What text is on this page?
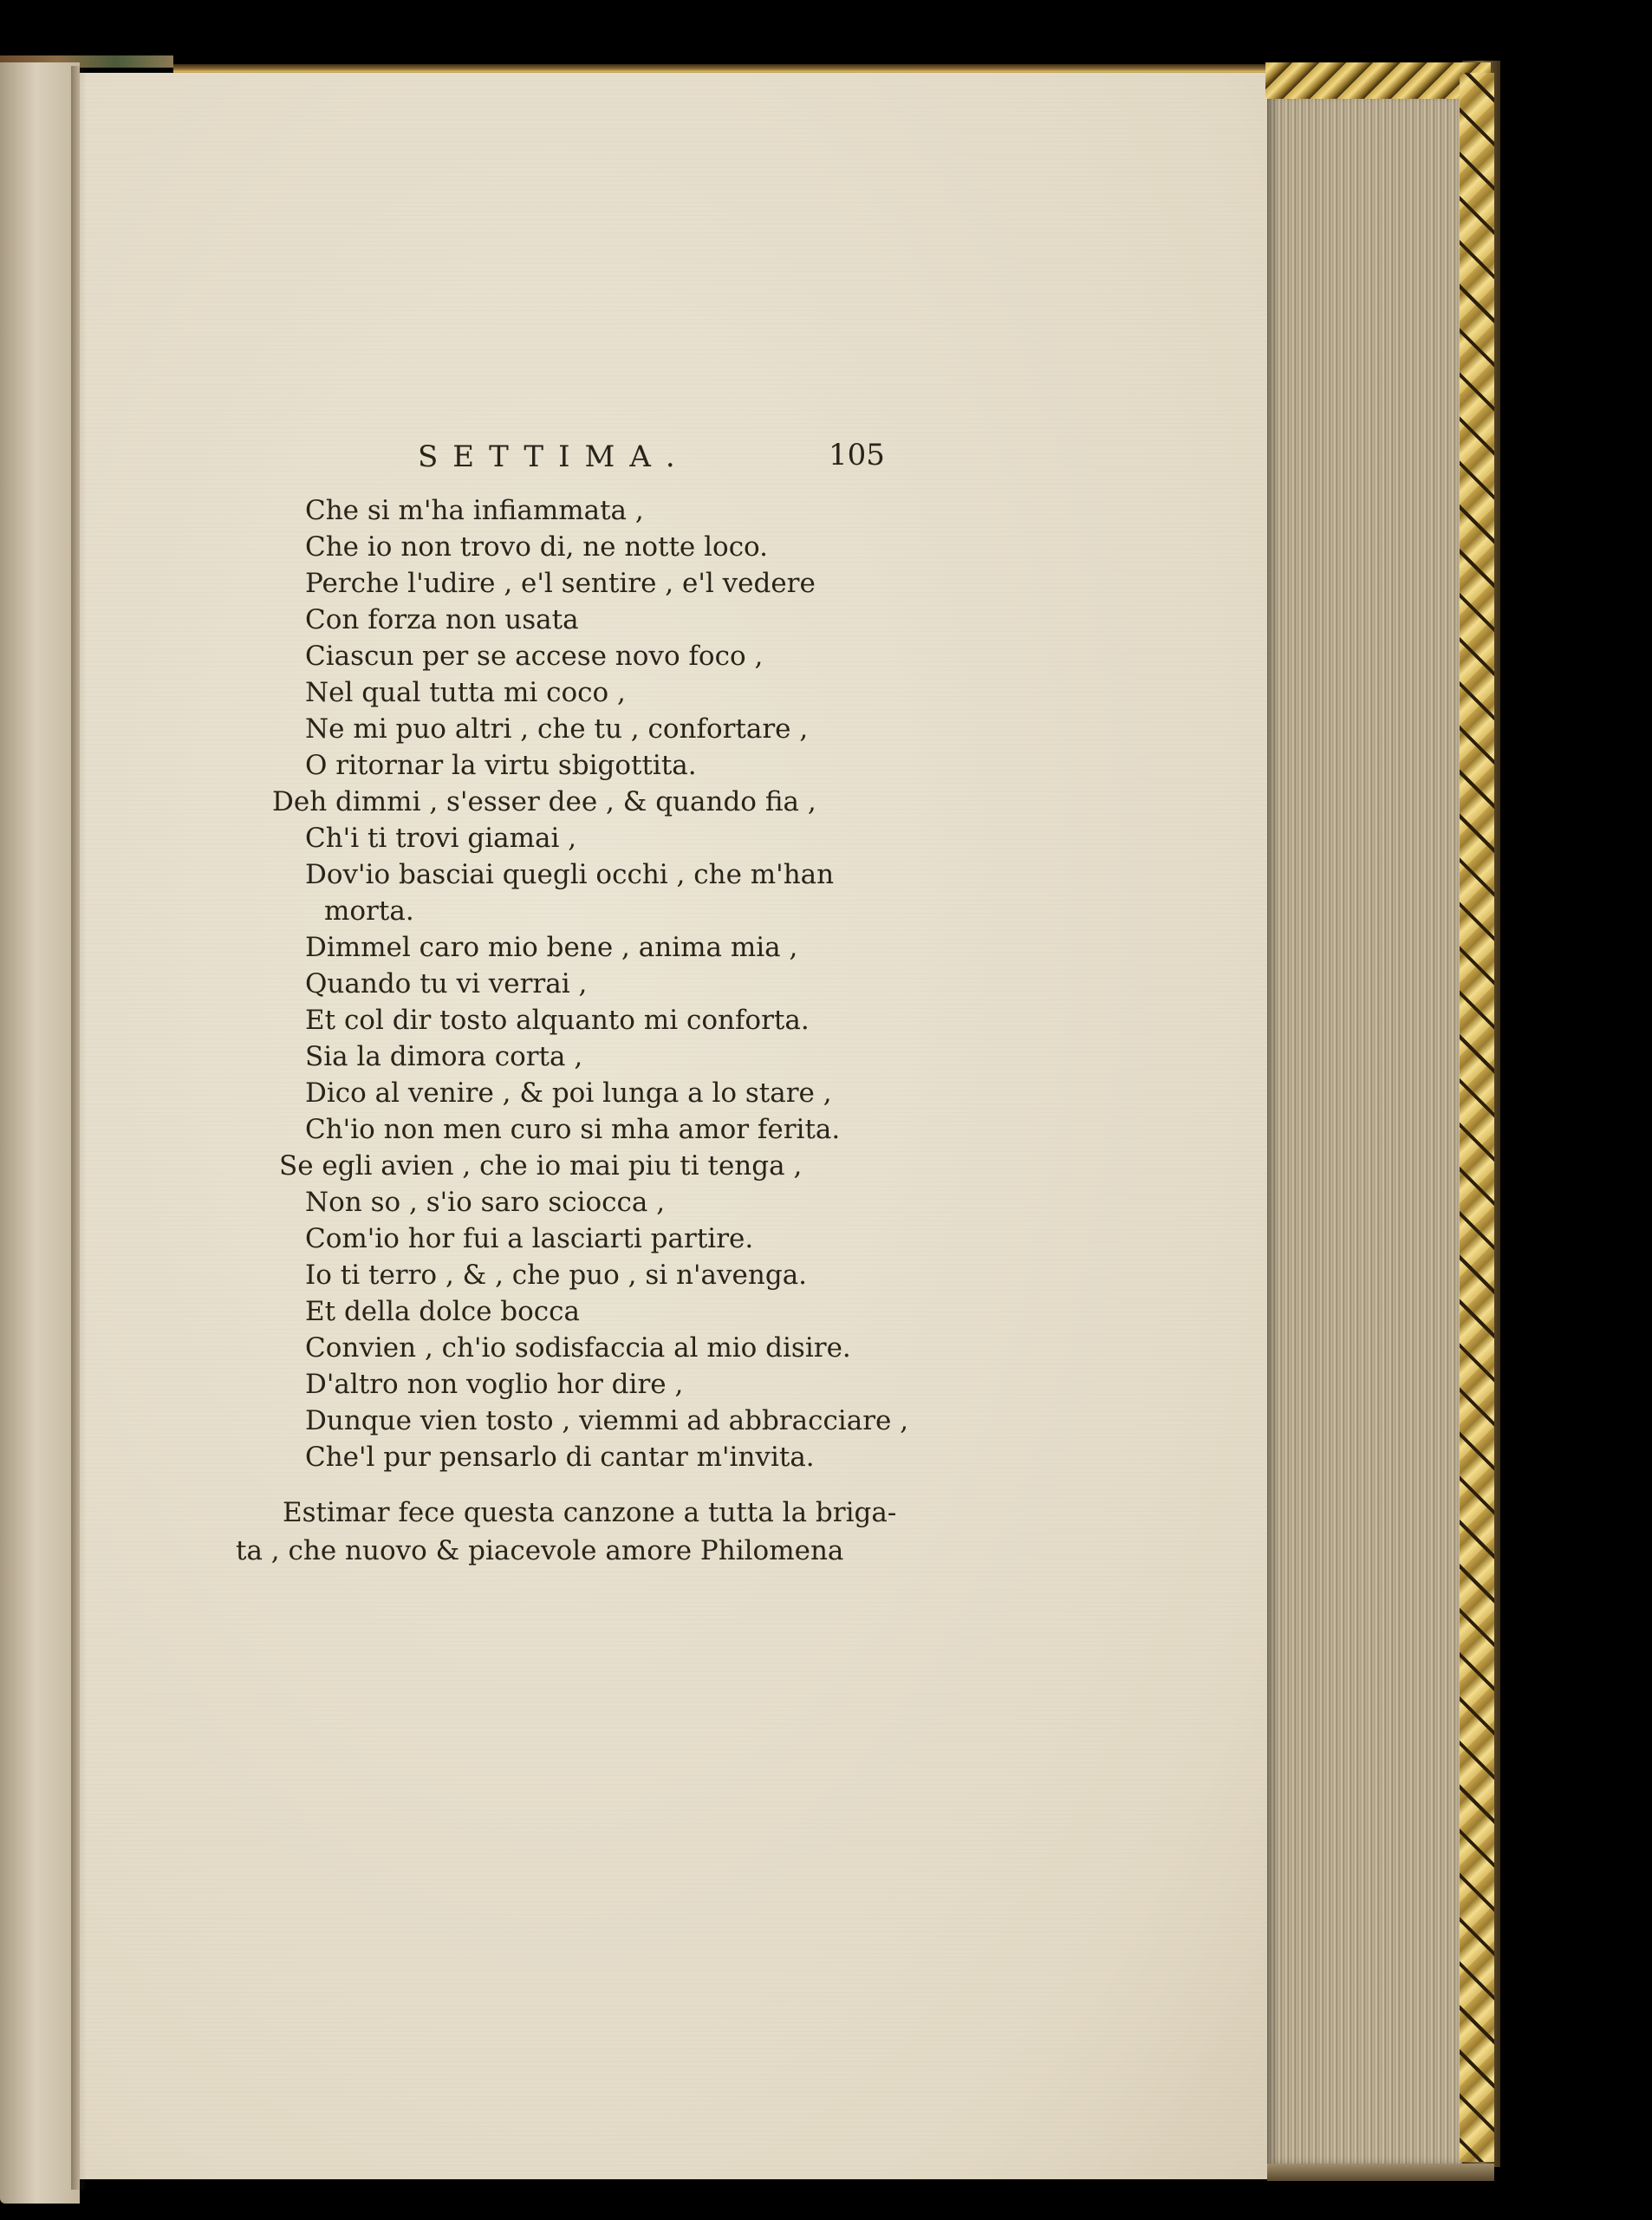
SETTIMA.	105
Che si m'ha infiammata ,
Che io non trovo di, ne notte loco.
Perche l'udire , e'l sentire , e'l vedere
Con forza non usata
Ciascun per se accese novo foco ,
Nel qual tutta mi coco ,
Ne mi puo altri , che tu , confortare ,
O ritornar la virtu sbigottita.
Deh dimmi , s'esser dee , & quando fia ,
Ch'i ti trovi giamai ,
Dov'io basciai quegli occhi , che m'han
morta.
Dimmel caro mio bene , anima mia ,
Quando tu vi verrai ,
Et col dir tosto alquanto mi conforta.
Sia la dimora corta ,
Dico al venire , & poi lunga a lo stare ,
Ch'io non men curo si mha amor ferita.
Se egli avien , che io mai piu ti tenga ,
Non so , s'io saro sciocca ,
Com'io hor fui a lasciarti partire.
Io ti terro , & , che puo , si n'avenga.
Et della dolce bocca
Convien , ch'io sodisfaccia al mio disire.
D'altro non voglio hor dire ,
Dunque vien tosto , viemmi ad abbracciare ,
Che'l pur pensarlo di cantar m'invita.
Estimar fece questa canzone a tutta la briga-
ta , che nuovo & piacevole amore Philomena
